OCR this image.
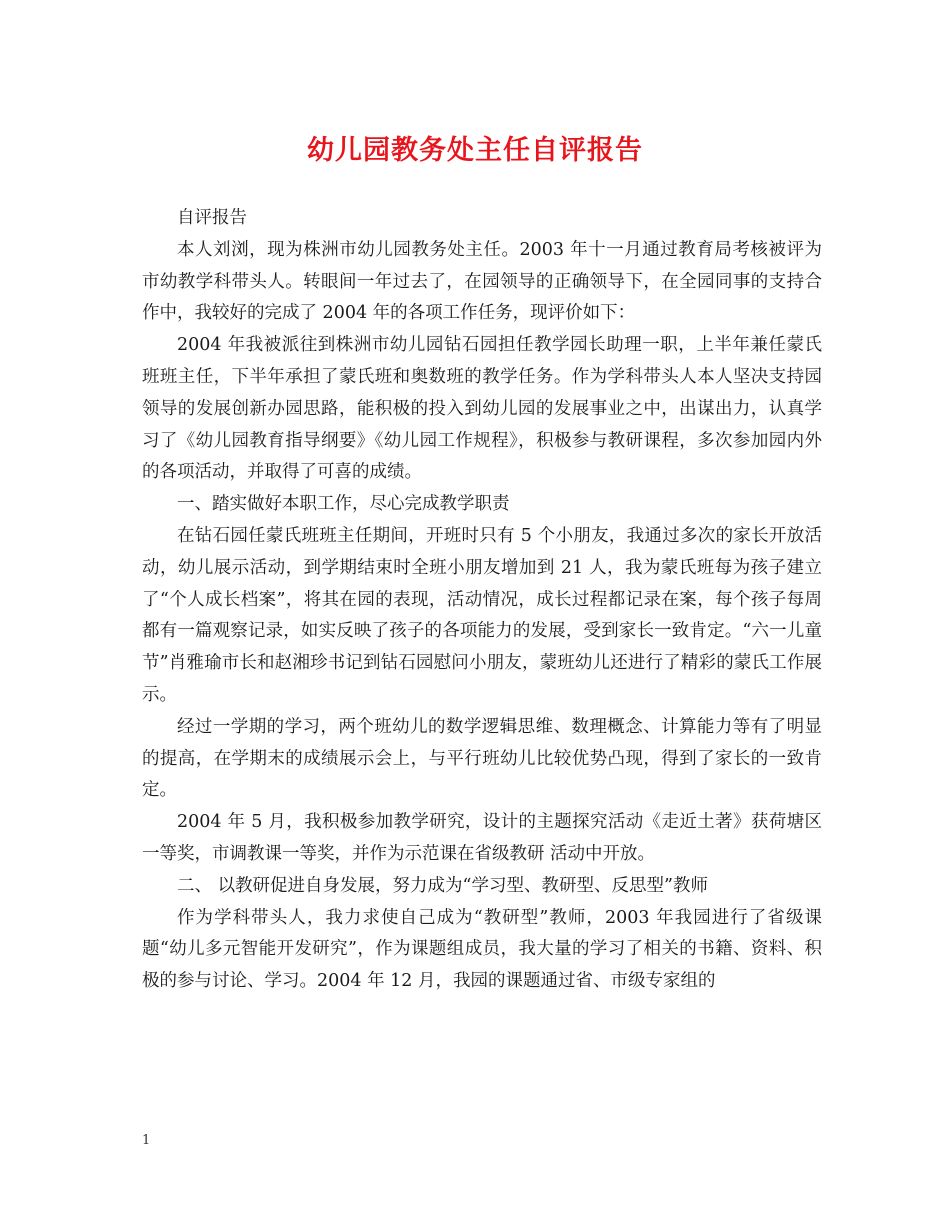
幼儿园教务处主任自评报告

自评报告

本人刘浏，现为株洲市幼儿园教务处主任。2003 年十一月通过教育局考核被评为市幼教学科带头人。转眼间一年过去了，在园领导的正确领导下，在全园同事的支持合作中，我较好的完成了 2004 年的各项工作任务，现评价如下：

2004 年我被派往到株洲市幼儿园钻石园担任教学园长助理一职，上半年兼任蒙氏班班主任，下半年承担了蒙氏班和奥数班的教学任务。作为学科带头人本人坚决支持园领导的发展创新办园思路，能积极的投入到幼儿园的发展事业之中，出谋出力，认真学习了《幼儿园教育指导纲要》《幼儿园工作规程》，积极参与教研课程，多次参加园内外的各项活动，并取得了可喜的成绩。

一、踏实做好本职工作，尽心完成教学职责

在钻石园任蒙氏班班主任期间，开班时只有 5 个小朋友，我通过多次的家长开放活动，幼儿展示活动，到学期结束时全班小朋友增加到 21 人，我为蒙氏班每为孩子建立了“个人成长档案”，将其在园的表现，活动情况，成长过程都记录在案，每个孩子每周都有一篇观察记录，如实反映了孩子的各项能力的发展，受到家长一致肯定。“六一儿童节”肖雅瑜市长和赵湘珍书记到钻石园慰问小朋友，蒙班幼儿还进行了精彩的蒙氏工作展示。

经过一学期的学习，两个班幼儿的数学逻辑思维、数理概念、计算能力等有了明显的提高，在学期末的成绩展示会上，与平行班幼儿比较优势凸现，得到了家长的一致肯定。

2004 年 5 月，我积极参加教学研究，设计的主题探究活动《走近土著》获荷塘区一等奖，市调教课一等奖，并作为示范课在省级教研 活动中开放。

二、 以教研促进自身发展，努力成为“学习型、教研型、反思型”教师

作为学科带头人，我力求使自己成为“教研型”教师，2003 年我园进行了省级课题“幼儿多元智能开发研究”，作为课题组成员，我大量的学习了相关的书籍、资料、积极的参与讨论、学习。2004 年 12 月，我园的课题通过省、市级专家组的

1
